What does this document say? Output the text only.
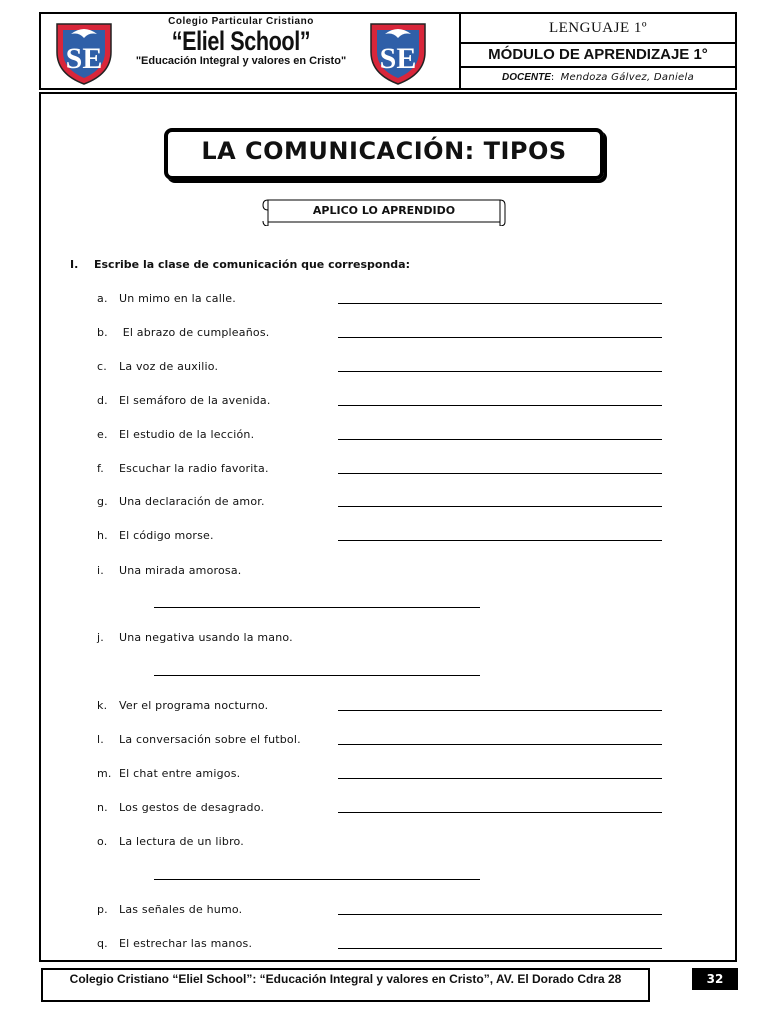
SE
Colegio Particular Cristiano
“Eliel School”
"Educación Integral y valores en Cristo"	SE
LENGUAJE 1º
MÓDULO DE APRENDIZAJE 1°
DOCENTE:  Mendoza Gálvez, Daniela
LA COMUNICACIÓN: TIPOS
APLICO LO APRENDIDO
I. Escribe la clase de comunicación que corresponda:
a. Un mimo en la calle.
b. El abrazo de cumpleaños.
c. La voz de auxilio.
d. El semáforo de la avenida.
e. El estudio de la lección.
f. Escuchar la radio favorita.
g. Una declaración de amor.
h. El código morse.
i. Una mirada amorosa.
j. Una negativa usando la mano.
k. Ver el programa nocturno.
l. La conversación sobre el futbol.
m. El chat entre amigos.
n. Los gestos de desagrado.
o. La lectura de un libro.
p. Las señales de humo.
q. El estrechar las manos.
Colegio Cristiano “Eliel School”: “Educación Integral y valores en Cristo”, AV. El Dorado Cdra 28	32
